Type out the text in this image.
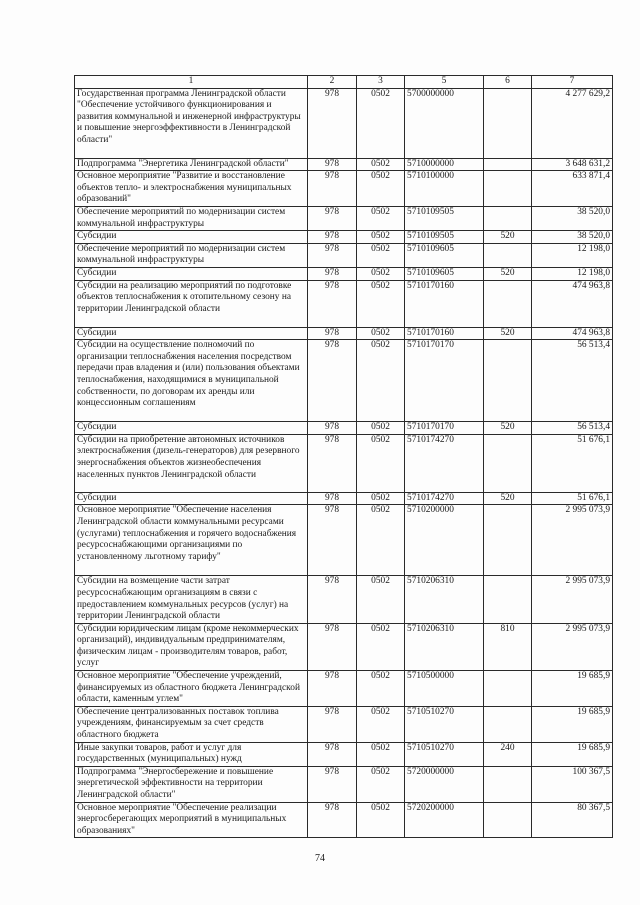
1	2	3	5	6	7
Государственная программа Ленинградской области "Обеспечение устойчивого функционирования и развития коммунальной и инженерной инфраструктуры и повышение энергоэффективности в Ленинградской области"	978	0502	5700000000		4 277 629,2
Подпрограмма "Энергетика Ленинградской области"	978	0502	5710000000		3 648 631,2
Основное мероприятие "Развитие и восстановление объектов тепло- и электроснабжения муниципальных образований"	978	0502	5710100000		633 871,4
Обеспечение мероприятий по модернизации систем коммунальной инфраструктуры	978	0502	5710109505		38 520,0
Субсидии	978	0502	5710109505	520	38 520,0
Обеспечение мероприятий по модернизации систем коммунальной инфраструктуры	978	0502	5710109605		12 198,0
Субсидии	978	0502	5710109605	520	12 198,0
Субсидии на реализацию мероприятий по подготовке объектов теплоснабжения к отопительному сезону на территории Ленинградской области	978	0502	5710170160		474 963,8
Субсидии	978	0502	5710170160	520	474 963,8
Субсидии на осуществление полномочий по организации теплоснабжения населения посредством передачи прав владения и (или) пользования объектами теплоснабжения, находящимися в муниципальной собственности, по договорам их аренды или концессионным соглашениям	978	0502	5710170170		56 513,4
Субсидии	978	0502	5710170170	520	56 513,4
Субсидии на приобретение автономных источников электроснабжения (дизель-генераторов) для резервного энергоснабжения объектов жизнеобеспечения населенных пунктов Ленинградской области	978	0502	5710174270		51 676,1
Субсидии	978	0502	5710174270	520	51 676,1
Основное мероприятие "Обеспечение населения Ленинградской области коммунальными ресурсами (услугами) теплоснабжения и горячего водоснабжения ресурсоснабжающими организациями по установленному льготному тарифу"	978	0502	5710200000		2 995 073,9
Субсидии на возмещение части затрат ресурсоснабжающим организациям в связи с предоставлением коммунальных ресурсов (услуг) на территории Ленинградской области	978	0502	5710206310		2 995 073,9
Субсидии юридическим лицам (кроме некоммерческих организаций), индивидуальным предпринимателям, физическим лицам - производителям товаров, работ, услуг	978	0502	5710206310	810	2 995 073,9
Основное мероприятие "Обеспечение учреждений, финансируемых из областного бюджета Ленинградской области, каменным углем"	978	0502	5710500000		19 685,9
Обеспечение централизованных поставок топлива учреждениям, финансируемым за счет средств областного бюджета	978	0502	5710510270		19 685,9
Иные закупки товаров, работ и услуг для государственных (муниципальных) нужд	978	0502	5710510270	240	19 685,9
Подпрограмма "Энергосбережение и повышение энергетической эффективности на территории Ленинградской области"	978	0502	5720000000		100 367,5
Основное мероприятие "Обеспечение реализации энергосберегающих мероприятий в муниципальных образованиях"	978	0502	5720200000		80 367,5
74
